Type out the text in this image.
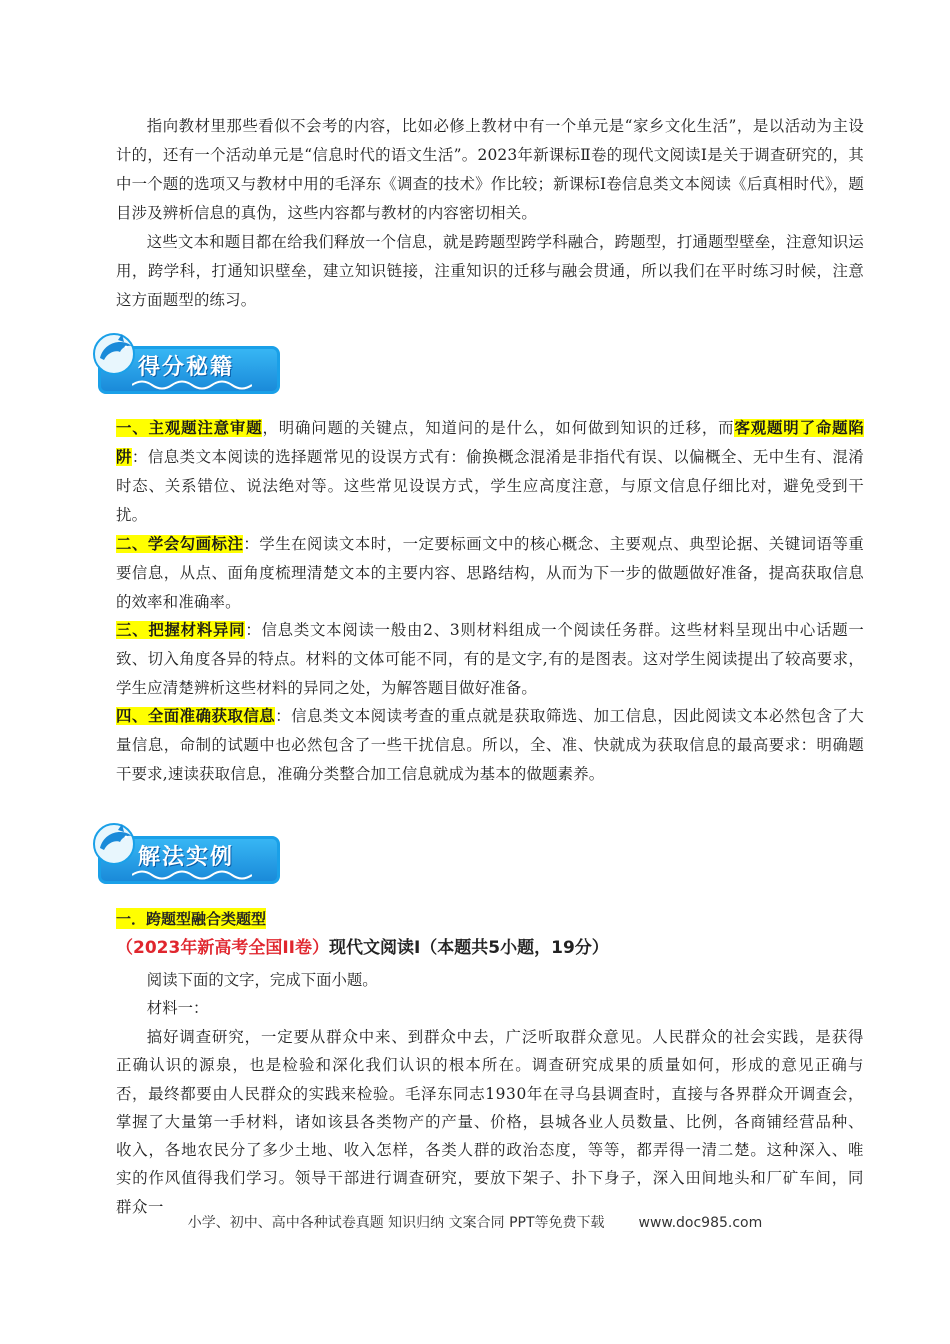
指向教材里那些看似不会考的内容，比如必修上教材中有一个单元是“家乡文化生活”，是以活动为主设计的，还有一个活动单元是“信息时代的语文生活”。2023年新课标Ⅱ卷的现代文阅读Ⅰ是关于调查研究的，其中一个题的选项又与教材中用的毛泽东《调查的技术》作比较；新课标Ⅰ卷信息类文本阅读《后真相时代》，题目涉及辨析信息的真伪，这些内容都与教材的内容密切相关。

这些文本和题目都在给我们释放一个信息，就是跨题型跨学科融合，跨题型，打通题型壁垒，注意知识运用，跨学科，打通知识壁垒，建立知识链接，注重知识的迁移与融会贯通，所以我们在平时练习时候，注意这方面题型的练习。

得分秘籍

一、主观题注意审题，明确问题的关键点，知道问的是什么，如何做到知识的迁移，而客观题明了命题陷阱：信息类文本阅读的选择题常见的设误方式有：偷换概念混淆是非指代有误、以偏概全、无中生有、混淆时态、关系错位、说法绝对等。这些常见设误方式，学生应高度注意，与原文信息仔细比对，避免受到干扰。

二、学会勾画标注：学生在阅读文本时，一定要标画文中的核心概念、主要观点、典型论据、关键词语等重要信息，从点、面角度梳理清楚文本的主要内容、思路结构，从而为下一步的做题做好准备，提高获取信息的效率和准确率。

三、把握材料异同：信息类文本阅读一般由2、3则材料组成一个阅读任务群。这些材料呈现出中心话题一致、切入角度各异的特点。材料的文体可能不同，有的是文字,有的是图表。这对学生阅读提出了较高要求，学生应清楚辨析这些材料的异同之处，为解答题目做好准备。

四、全面准确获取信息：信息类文本阅读考查的重点就是获取筛选、加工信息，因此阅读文本必然包含了大量信息，命制的试题中也必然包含了一些干扰信息。所以，全、准、快就成为获取信息的最高要求：明确题干要求,速读获取信息，准确分类整合加工信息就成为基本的做题素养。

解法实例
一．跨题型融合类题型
（2023年新高考全国II卷）现代文阅读Ⅰ（本题共5小题，19分）

阅读下面的文字，完成下面小题。

材料一：

搞好调查研究，一定要从群众中来、到群众中去，广泛听取群众意见。人民群众的社会实践，是获得正确认识的源泉，也是检验和深化我们认识的根本所在。调查研究成果的质量如何，形成的意见正确与否，最终都要由人民群众的实践来检验。毛泽东同志1930年在寻乌县调查时，直接与各界群众开调查会，掌握了大量第一手材料，诸如该县各类物产的产量、价格，县城各业人员数量、比例，各商铺经营品种、收入，各地农民分了多少土地、收入怎样，各类人群的政治态度，等等，都弄得一清二楚。这种深入、唯实的作风值得我们学习。领导干部进行调查研究，要放下架子、扑下身子，深入田间地头和厂矿车间，同群众一

小学、初中、高中各种试卷真题 知识归纳 文案合同 PPT等免费下载 www.doc985.com
